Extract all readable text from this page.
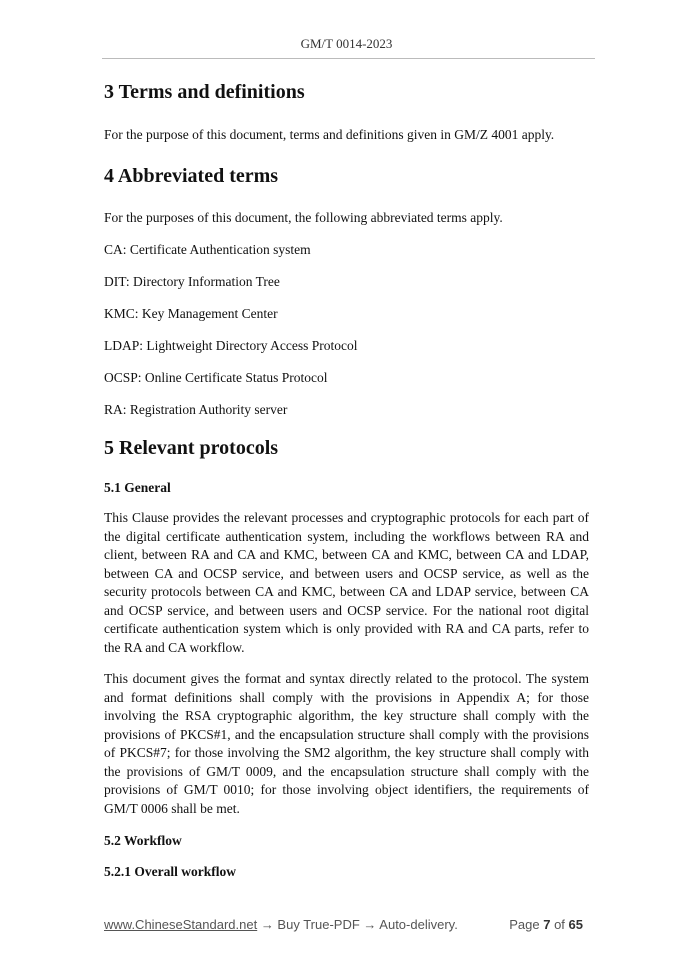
GM/T 0014-2023
3 Terms and definitions

For the purpose of this document, terms and definitions given in GM/Z 4001 apply.

4 Abbreviated terms

For the purposes of this document, the following abbreviated terms apply.

CA: Certificate Authentication system

DIT: Directory Information Tree

KMC: Key Management Center

LDAP: Lightweight Directory Access Protocol

OCSP: Online Certificate Status Protocol

RA: Registration Authority server

5 Relevant protocols
5.1 General

This Clause provides the relevant processes and cryptographic protocols for each part of the digital certificate authentication system, including the workflows between RA and client, between RA and CA and KMC, between CA and KMC, between CA and LDAP, between CA and OCSP service, and between users and OCSP service, as well as the security protocols between CA and KMC, between CA and LDAP service, between CA and OCSP service, and between users and OCSP service. For the national root digital certificate authentication system which is only provided with RA and CA parts, refer to the RA and CA workflow.

This document gives the format and syntax directly related to the protocol. The system and format definitions shall comply with the provisions in Appendix A; for those involving the RSA cryptographic algorithm, the key structure shall comply with the provisions of PKCS#1, and the encapsulation structure shall comply with the provisions of PKCS#7; for those involving the SM2 algorithm, the key structure shall comply with the provisions of GM/T 0009, and the encapsulation structure shall comply with the provisions of GM/T 0010; for those involving object identifiers, the requirements of GM/T 0006 shall be met.

5.2 Workflow
5.2.1 Overall workflow
www.ChineseStandard.net → Buy True-PDF → Auto-delivery.	Page 7 of 65
